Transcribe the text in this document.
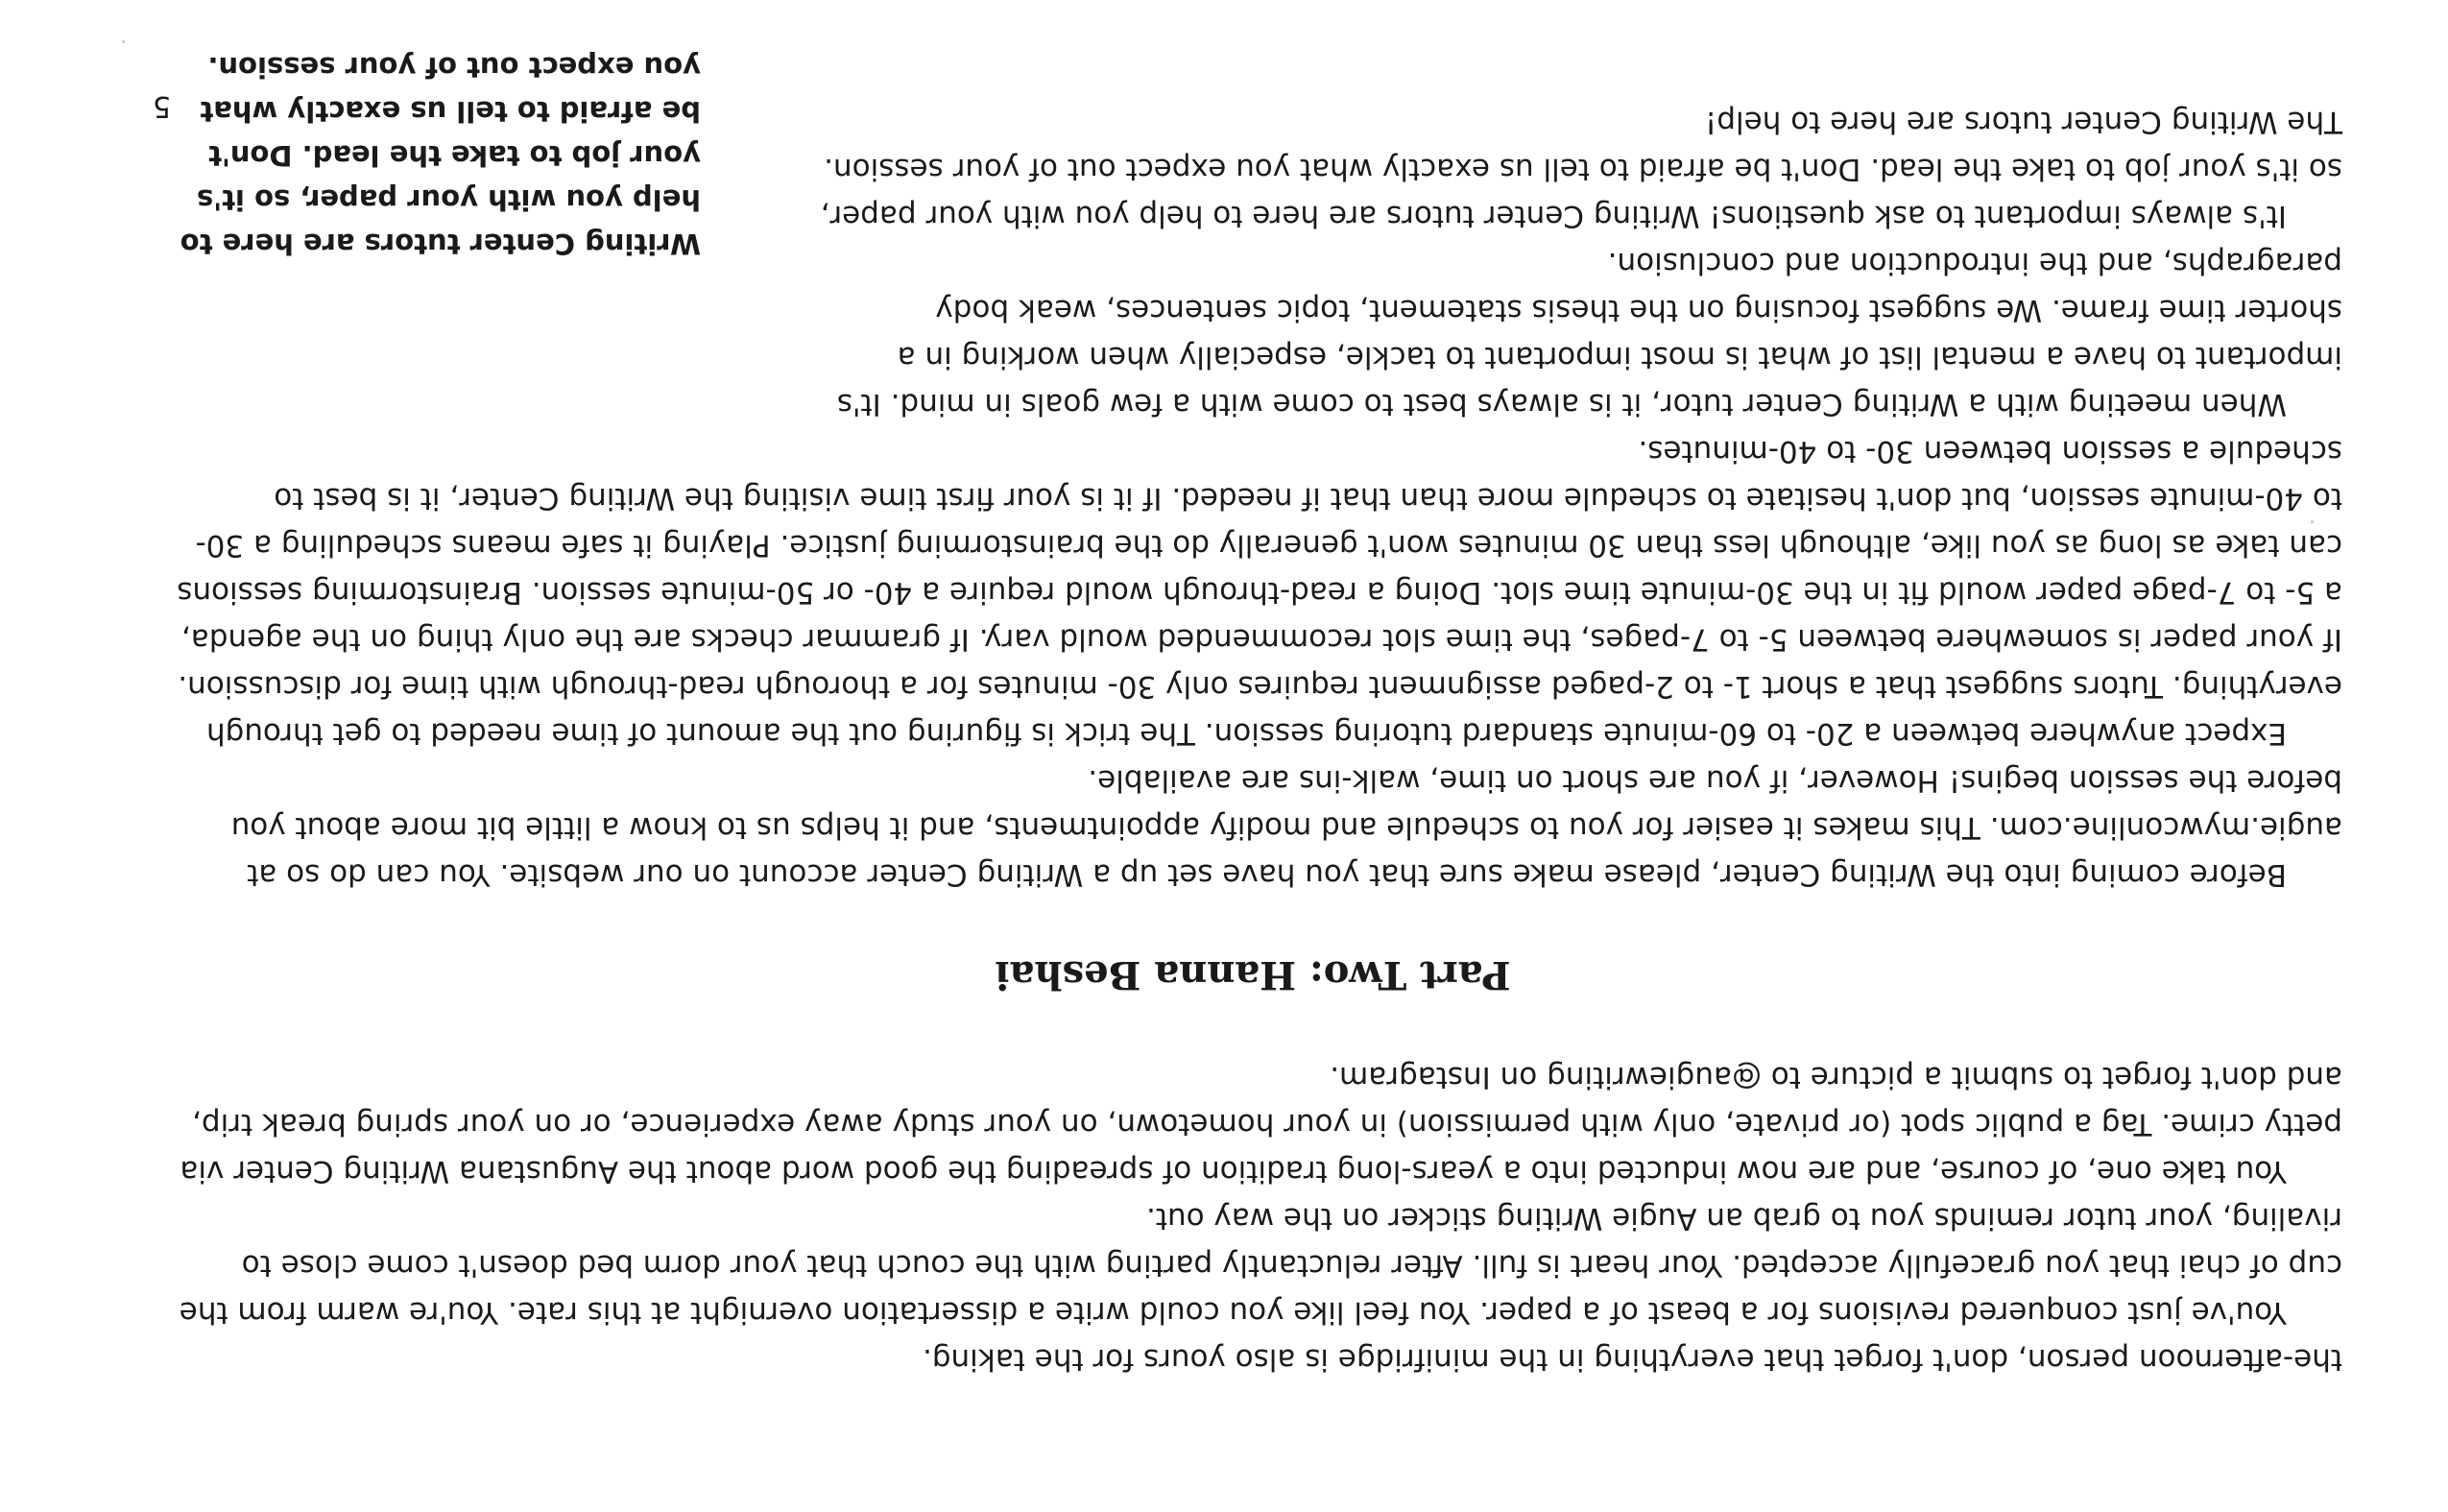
the-afternoon person, don't forget that everything in the minifridge is also yours for the taking.

You've just conquered revisions for a beast of a paper. You feel like you could write a dissertation overnight at this rate. You're warm from the cup of chai that you gracefully accepted. Your heart is full. After reluctantly parting with the couch that your dorm bed doesn't come close to rivaling, your tutor reminds you to grab an Augie Writing sticker on the way out.

You take one, of course, and are now inducted into a years-long tradition of spreading the good word about the Augustana Writing Center via petty crime. Tag a public spot (or private, only with permission) in your hometown, on your study away experience, or on your spring break trip, and don't forget to submit a picture to @augiewriting on Instagram.

Part Two: Hanna Beshai

Before coming into the Writing Center, please make sure that you have set up a Writing Center account on our website. You can do so at augie.mywconline.com. This makes it easier for you to schedule and modify appointments, and it helps us to know a little bit more about you before the session begins! However, if you are short on time, walk-ins are available.

Expect anywhere between a 20- to 60-minute standard tutoring session. The trick is figuring out the amount of time needed to get through everything. Tutors suggest that a short 1- to 2-paged assignment requires only 30- minutes for a thorough read-through with time for discussion. If your paper is somewhere between 5- to 7-pages, the time slot recommended would vary. If grammar checks are the only thing on the agenda, a 5- to 7-page paper would fit in the 30-minute time slot. Doing a read-through would require a 40- or 50-minute session. Brainstorming sessions can take as long as you like, although less than 30 minutes won't generally do the brainstorming justice. Playing it safe means scheduling a 30- to 40-minute session, but don't hesitate to schedule more than that if needed. If it is your first time visiting the Writing Center, it is best to schedule a session between 30- to 40-minutes.

Writing Center tutors are here to help you with your paper, so it's your job to take the lead. Don't be afraid to tell us exactly what you expect out of your session.

When meeting with a Writing Center tutor, it is always best to come with a few goals in mind. It's important to have a mental list of what is most important to tackle, especially when working in a shorter time frame. We suggest focusing on the thesis statement, topic sentences, weak body paragraphs, and the introduction and conclusion.

It's always important to ask questions! Writing Center tutors are here to help you with your paper, so it's your job to take the lead. Don't be afraid to tell us exactly what you expect out of your session. The Writing Center tutors are here to help!

5
